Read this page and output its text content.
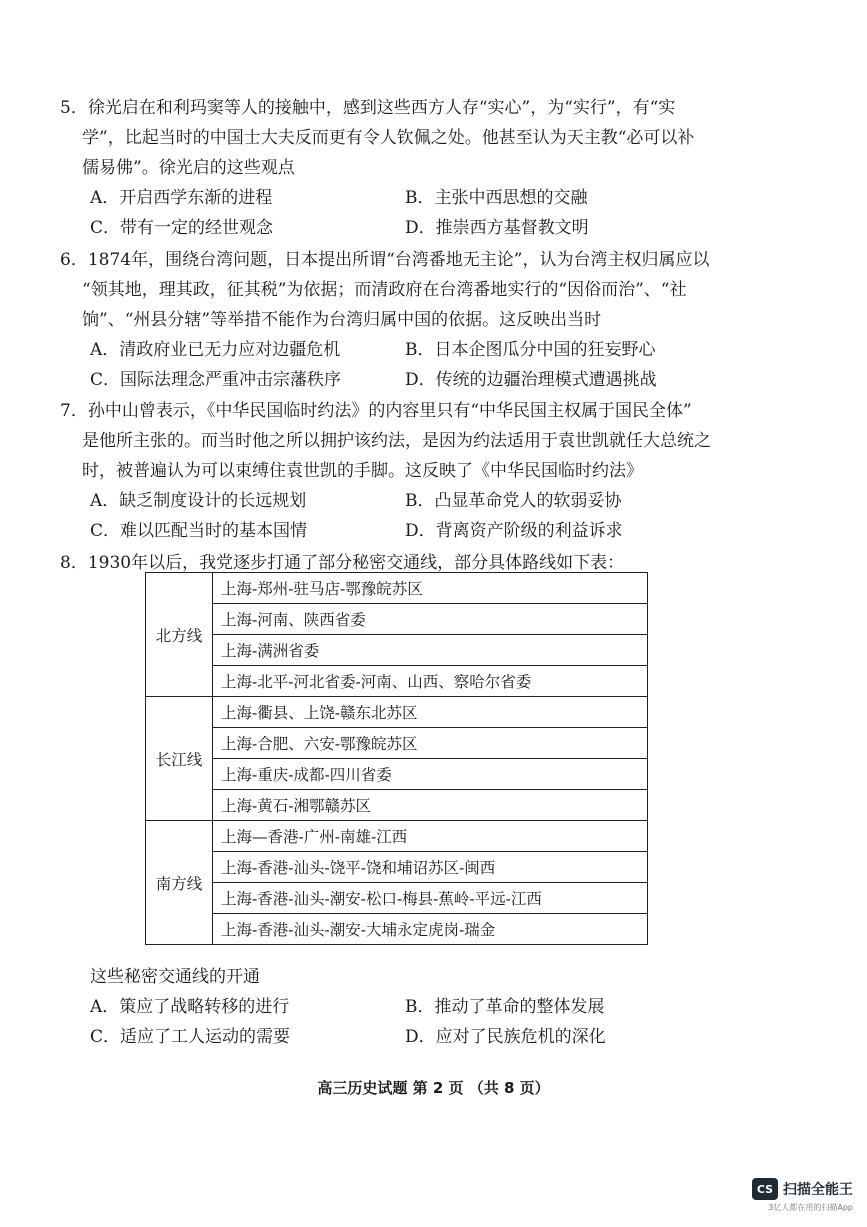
5．徐光启在和利玛窦等人的接触中，感到这些西方人存“实心”，为“实行”，有“实
学”，比起当时的中国士大夫反而更有令人钦佩之处。他甚至认为天主教“必可以补
儒易佛”。徐光启的这些观点
A．开启西学东渐的进程	B．主张中西思想的交融
C．带有一定的经世观念	D．推崇西方基督教文明
6．1874年，围绕台湾问题，日本提出所谓“台湾番地无主论”，认为台湾主权归属应以
“领其地，理其政，征其税”为依据；而清政府在台湾番地实行的“因俗而治”、“社
饷”、“州县分辖”等举措不能作为台湾归属中国的依据。这反映出当时
A．清政府业已无力应对边疆危机	B．日本企图瓜分中国的狂妄野心
C．国际法理念严重冲击宗藩秩序	D．传统的边疆治理模式遭遇挑战
7．孙中山曾表示，《中华民国临时约法》的内容里只有“中华民国主权属于国民全体”
是他所主张的。而当时他之所以拥护该约法，是因为约法适用于袁世凯就任大总统之
时，被普遍认为可以束缚住袁世凯的手脚。这反映了《中华民国临时约法》
A．缺乏制度设计的长远规划	B．凸显革命党人的软弱妥协
C．难以匹配当时的基本国情	D．背离资产阶级的利益诉求
8．1930年以后，我党逐步打通了部分秘密交通线，部分具体路线如下表：
北方线	上海-郑州-驻马店-鄂豫皖苏区
	上海-河南、陕西省委
	上海-满洲省委
	上海-北平-河北省委-河南、山西、察哈尔省委
长江线	上海-衢县、上饶-赣东北苏区
	上海-合肥、六安-鄂豫皖苏区
	上海-重庆-成都-四川省委
	上海-黄石-湘鄂赣苏区
南方线	上海—香港-广州-南雄-江西
	上海-香港-汕头-饶平-饶和埔诏苏区-闽西
	上海-香港-汕头-潮安-松口-梅县-蕉岭-平远-江西
	上海-香港-汕头-潮安-大埔永定虎岗-瑞金
这些秘密交通线的开通
A．策应了战略转移的进行	B．推动了革命的整体发展
C．适应了工人运动的需要	D．应对了民族危机的深化
高三历史试题 第 2 页 （共 8 页）
CS 扫描全能王
3亿人都在用的扫描App
